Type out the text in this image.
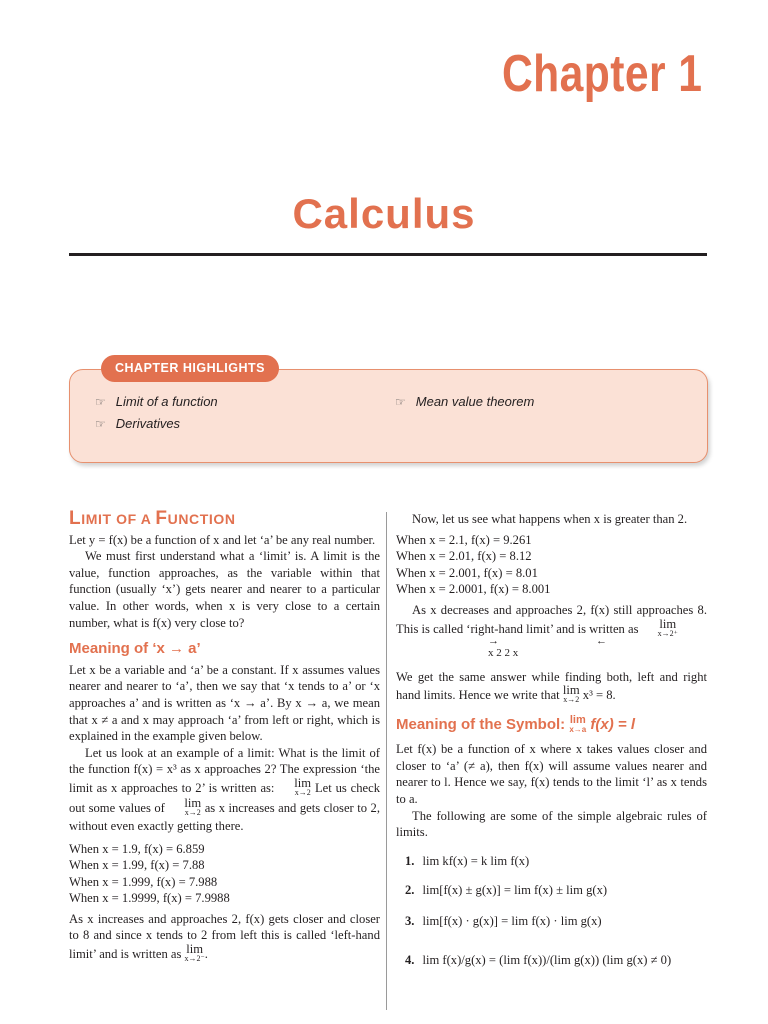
Chapter 1
Calculus
CHAPTER HIGHLIGHTS
☞ Limit of a function
☞ Derivatives
☞ Mean value theorem
LIMIT OF A FUNCTION

Let y = f(x) be a function of x and let ‘a’ be any real number.

We must first understand what a ‘limit’ is. A limit is the value, function approaches, as the variable within that function (usually ‘x’) gets nearer and nearer to a particular value. In other words, when x is very close to a certain number, what is f(x) very close to?

Meaning of ‘x → a’

Let x be a variable and ‘a’ be a constant. If x assumes values nearer and nearer to ‘a’, then we say that ‘x tends to a’ or ‘x approaches a’ and is written as ‘x → a’. By x → a, we mean that x ≠ a and x may approach ‘a’ from left or right, which is explained in the example given below.

Let us look at an example of a limit: What is the limit of the function f(x) = x³ as x approaches 2? The expression ‘the limit as x approaches to 2’ is written as:	lim
x→2 Let us check out some values of	lim
x→2 as x increases and gets closer to 2, without even exactly getting there.

When x = 1.9, f(x) = 6.859
When x = 1.99, f(x) = 7.88
When x = 1.999, f(x) = 7.988
When x = 1.9999, f(x) = 7.9988

As x increases and approaches 2, f(x) gets closer and closer to 8 and since x tends to 2 from left this is called ‘left-hand limit’ and is written as lim
x→2⁻ .

Now, let us see what happens when x is greater than 2.

When x = 2.1, f(x) = 9.261
When x = 2.01, f(x) = 8.12
When x = 2.001, f(x) = 8.01
When x = 2.0001, f(x) = 8.001

As x decreases and approaches 2, f(x) still approaches 8. This is called ‘right-hand limit’ and is written as	lim
x→2⁺

x 2 2 x
→	←

We get the same answer while finding both, left and right hand limits. Hence we write that lim
x→2 x³ = 8.

Meaning of the Symbol: lim
x→a f(x) = l

Let f(x) be a function of x where x takes values closer and closer to ‘a’ (≠ a), then f(x) will assume values nearer and nearer to l. Hence we say, f(x) tends to the limit ‘l’ as x tends to a.

The following are some of the simple algebraic rules of limits.

1. lim kf(x) = k lim f(x)
2. lim[f(x) ± g(x)] = lim f(x) ± lim g(x)
3. lim[f(x) · g(x)] = lim f(x) · lim g(x)
4. lim f(x)/g(x) = (lim f(x))/(lim g(x)) (lim g(x) ≠ 0)
